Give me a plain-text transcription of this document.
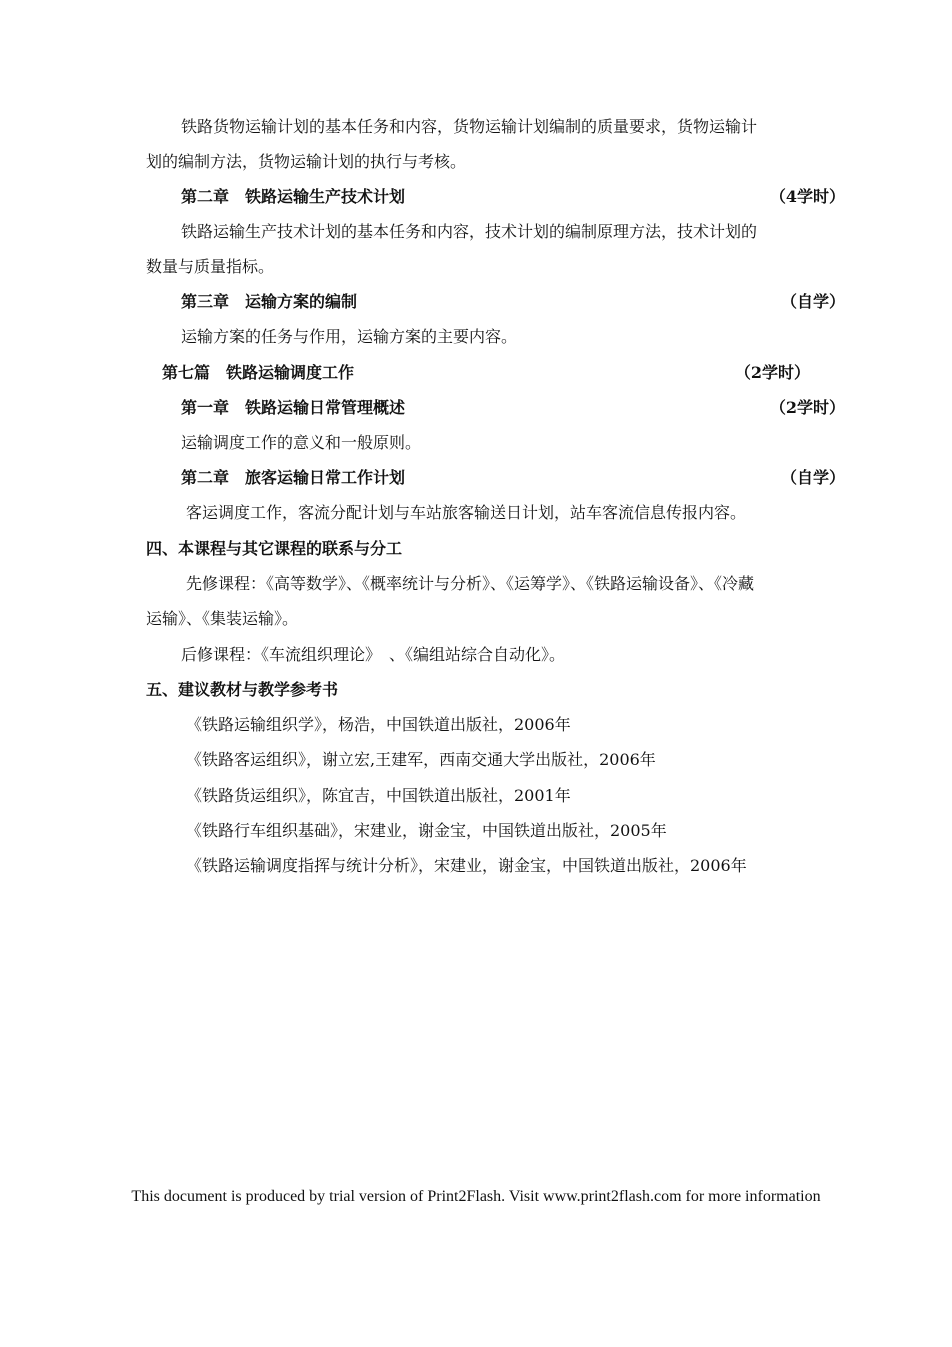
铁路货物运输计划的基本任务和内容，货物运输计划编制的质量要求，货物运输计
划的编制方法，货物运输计划的执行与考核。
第二章　铁路运输生产技术计划	（4学时）
铁路运输生产技术计划的基本任务和内容，技术计划的编制原理方法，技术计划的
数量与质量指标。
第三章　运输方案的编制	（自学）
运输方案的任务与作用，运输方案的主要内容。
第七篇　铁路运输调度工作	（2学时）
第一章　铁路运输日常管理概述	（2学时）
运输调度工作的意义和一般原则。
第二章　旅客运输日常工作计划	（自学）
客运调度工作，客流分配计划与车站旅客输送日计划，站车客流信息传报内容。
四、本课程与其它课程的联系与分工
先修课程：《高等数学》、《概率统计与分析》、《运筹学》、《铁路运输设备》、《冷藏
运输》、《集装运输》。
后修课程：《车流组织理论》　、《编组站综合自动化》。
五、建议教材与教学参考书
《铁路运输组织学》，杨浩，中国铁道出版社，2006年
《铁路客运组织》，谢立宏,王建军，西南交通大学出版社，2006年
《铁路货运组织》，陈宜吉，中国铁道出版社，2001年
《铁路行车组织基础》，宋建业，谢金宝，中国铁道出版社，2005年
《铁路运输调度指挥与统计分析》，宋建业，谢金宝，中国铁道出版社，2006年
This document is produced by trial version of Print2Flash. Visit www.print2flash.com for more information
